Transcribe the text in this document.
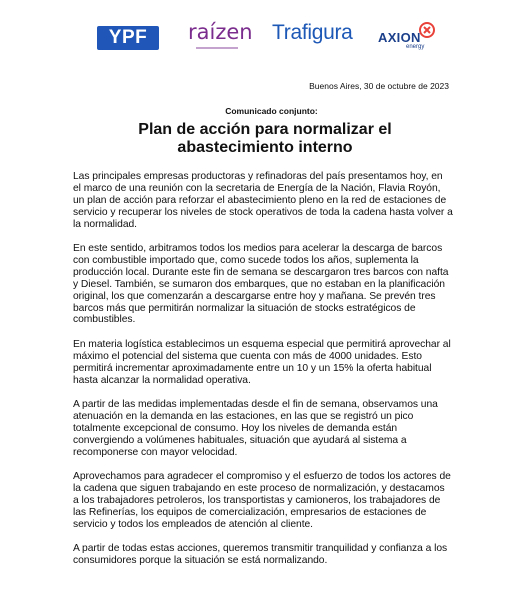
YPF raízen Trafigura AXION
energy
Buenos Aires, 30 de octubre de 2023
Comunicado conjunto:
Plan de acción para normalizar el
abastecimiento interno

Las principales empresas productoras y refinadoras del país presentamos hoy, en el marco de una reunión con la secretaria de Energía de la Nación, Flavia Royón, un plan de acción para reforzar el abastecimiento pleno en la red de estaciones de servicio y recuperar los niveles de stock operativos de toda la cadena hasta volver a la normalidad.

En este sentido, arbitramos todos los medios para acelerar la descarga de barcos con combustible importado que, como sucede todos los años, suplementa la producción local. Durante este fin de semana se descargaron tres barcos con nafta y Diesel. También, se sumaron dos embarques, que no estaban en la planificación original, los que comenzarán a descargarse entre hoy y mañana. Se prevén tres barcos más que permitirán normalizar la situación de stocks estratégicos de combustibles.

En materia logística establecimos un esquema especial que permitirá aprovechar al máximo el potencial del sistema que cuenta con más de 4000 unidades. Esto permitirá incrementar aproximadamente entre un 10 y un 15% la oferta habitual hasta alcanzar la normalidad operativa.

A partir de las medidas implementadas desde el fin de semana, observamos una atenuación en la demanda en las estaciones, en las que se registró un pico totalmente excepcional de consumo. Hoy los niveles de demanda están convergiendo a volúmenes habituales, situación que ayudará al sistema a recomponerse con mayor velocidad.

Aprovechamos para agradecer el compromiso y el esfuerzo de todos los actores de la cadena que siguen trabajando en este proceso de normalización, y destacamos a los trabajadores petroleros, los transportistas y camioneros, los trabajadores de las Refinerías, los equipos de comercialización, empresarios de estaciones de servicio y todos los empleados de atención al cliente.

A partir de todas estas acciones, queremos transmitir tranquilidad y confianza a los consumidores porque la situación se está normalizando.
